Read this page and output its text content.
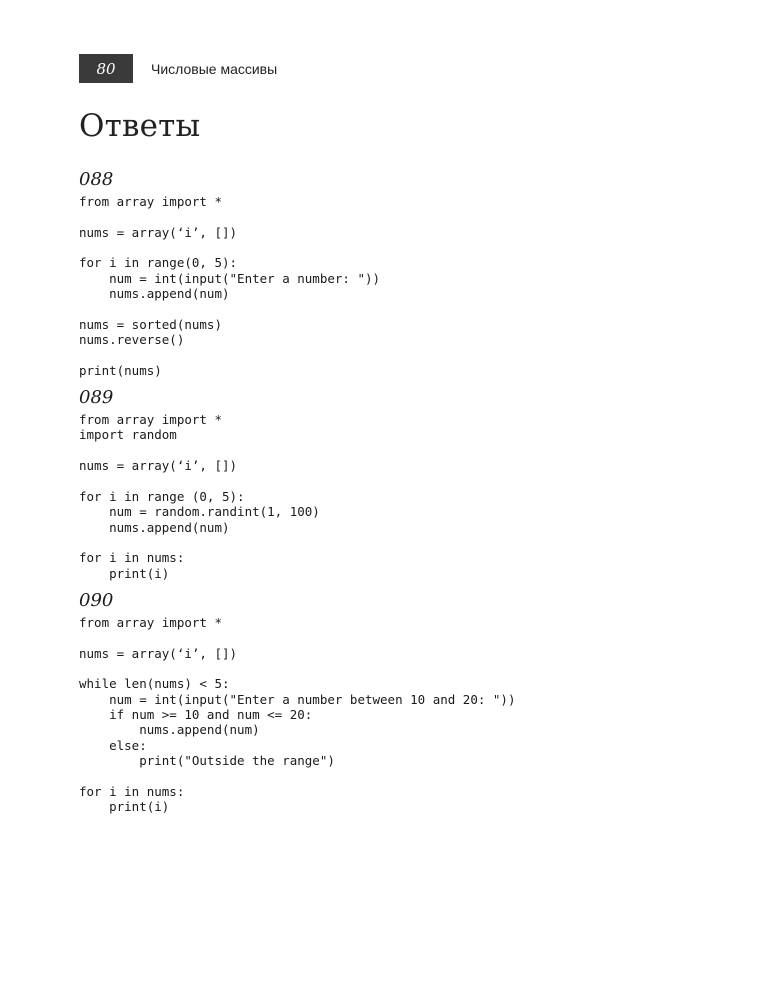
80	Числовые массивы
Ответы
088
from array import *
nums = array(‘i’, [])
for i in range(0, 5):
num = int(input("Enter a number: "))
nums.append(num)
nums = sorted(nums)
nums.reverse()
print(nums)
089
from array import *
import random
nums = array(‘i’, [])
for i in range (0, 5):
num = random.randint(1, 100)
nums.append(num)
for i in nums:
print(i)
090
from array import *
nums = array(‘i’, [])
while len(nums) < 5:
num = int(input("Enter a number between 10 and 20: "))
if num >= 10 and num <= 20:
nums.append(num)
else:
print("Outside the range")
for i in nums:
print(i)
